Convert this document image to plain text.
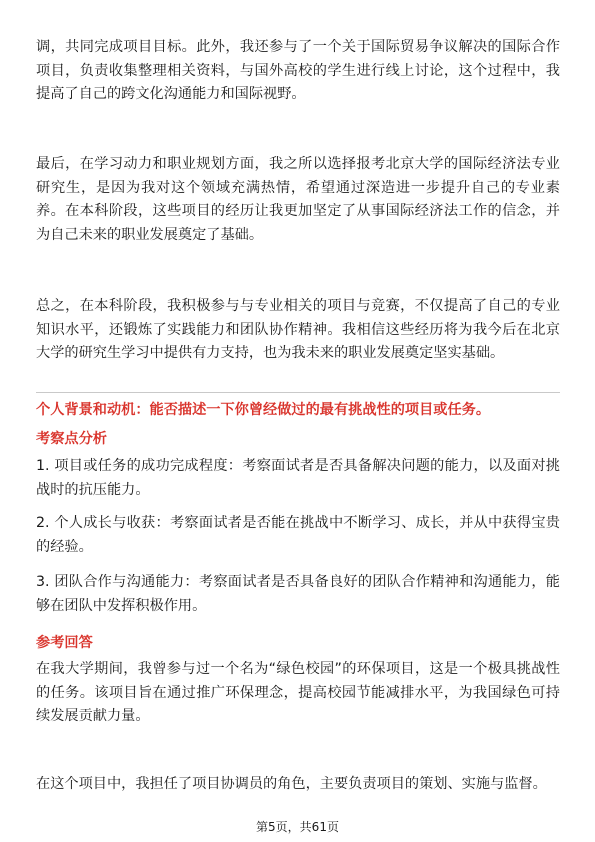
调，共同完成项目目标。此外，我还参与了一个关于国际贸易争议解决的国际合作项目，负责收集整理相关资料，与国外高校的学生进行线上讨论，这个过程中，我提高了自己的跨文化沟通能力和国际视野。

最后，在学习动力和职业规划方面，我之所以选择报考北京大学的国际经济法专业研究生，是因为我对这个领域充满热情，希望通过深造进一步提升自己的专业素养。在本科阶段，这些项目的经历让我更加坚定了从事国际经济法工作的信念，并为自己未来的职业发展奠定了基础。

总之，在本科阶段，我积极参与与专业相关的项目与竞赛，不仅提高了自己的专业知识水平，还锻炼了实践能力和团队协作精神。我相信这些经历将为我今后在北京大学的研究生学习中提供有力支持，也为我未来的职业发展奠定坚实基础。

个人背景和动机：能否描述一下你曾经做过的最有挑战性的项目或任务。

考察点分析

1. 项目或任务的成功完成程度：考察面试者是否具备解决问题的能力，以及面对挑战时的抗压能力。

2. 个人成长与收获：考察面试者是否能在挑战中不断学习、成长，并从中获得宝贵的经验。

3. 团队合作与沟通能力：考察面试者是否具备良好的团队合作精神和沟通能力，能够在团队中发挥积极作用。

参考回答

在我大学期间，我曾参与过一个名为“绿色校园”的环保项目，这是一个极具挑战性的任务。该项目旨在通过推广环保理念，提高校园节能减排水平，为我国绿色可持续发展贡献力量。

在这个项目中，我担任了项目协调员的角色，主要负责项目的策划、实施与监督。

第5页，共61页
